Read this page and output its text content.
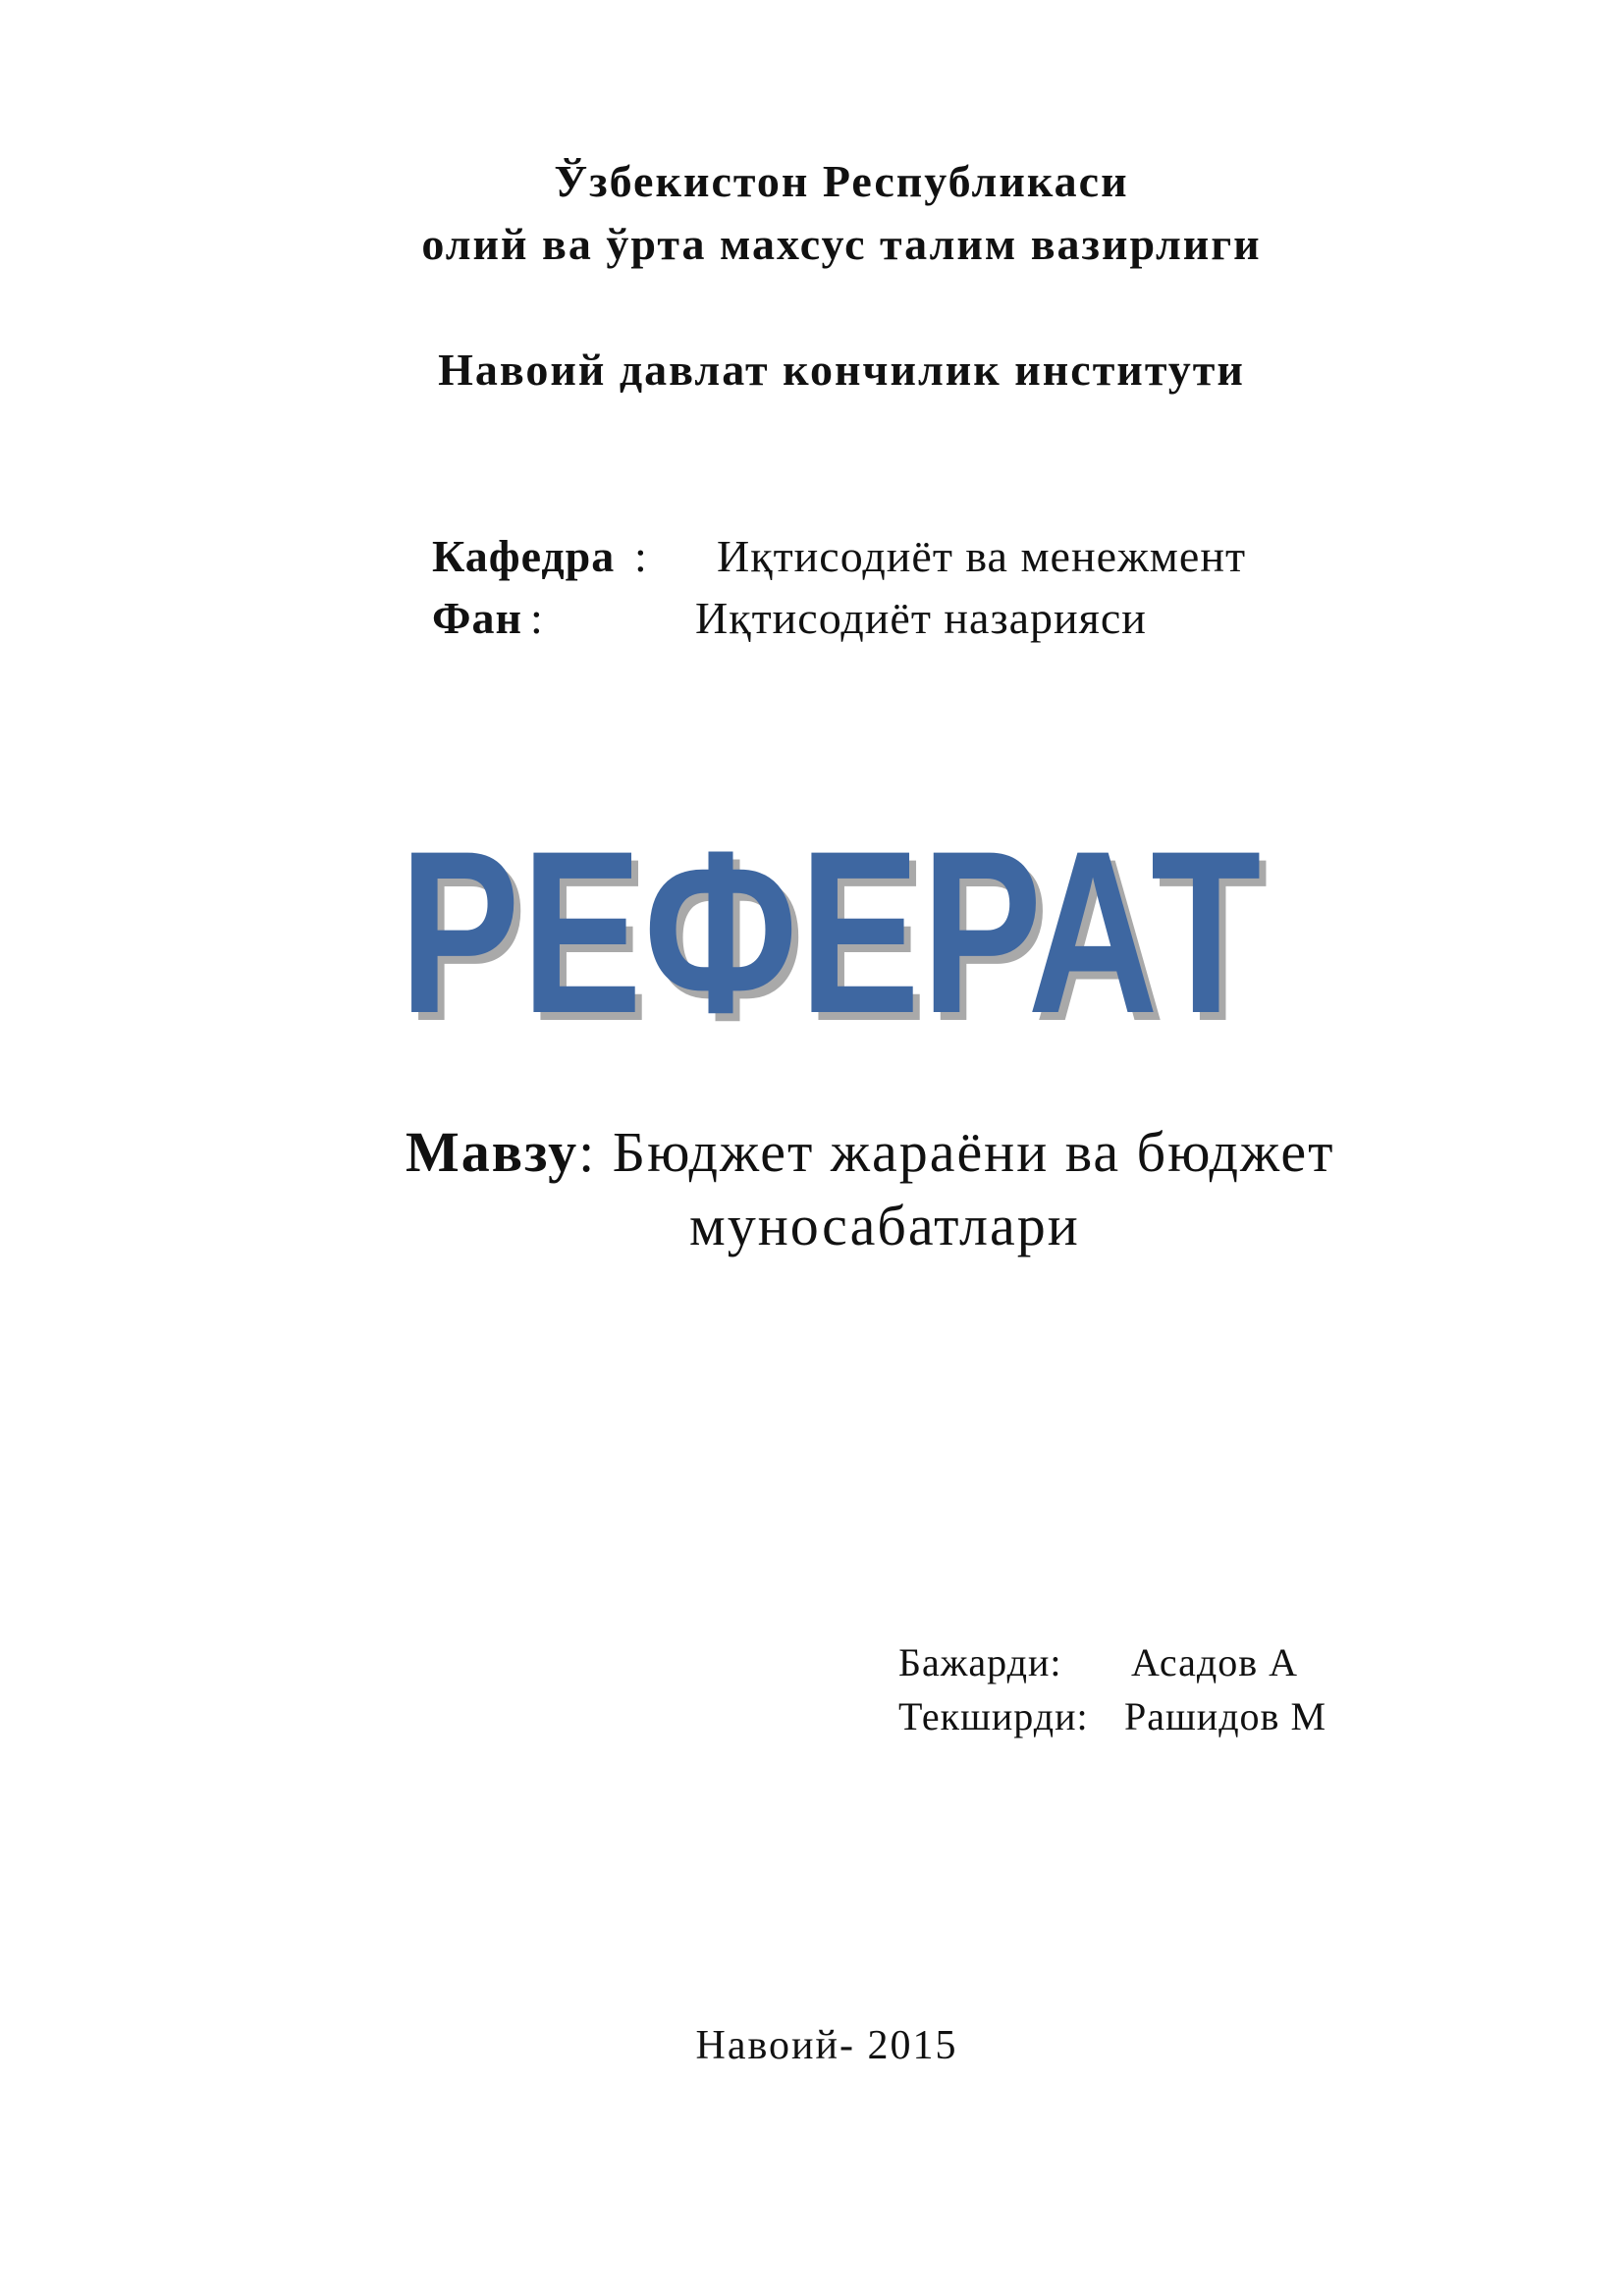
Ўзбекистон Республикаси
олий ва ўрта махсус талим вазирлиги
Навоий давлат кончилик институти
Кафедра : Иқтисодиёт ва менежмент
Фан :	Иқтисодиёт назарияси
РЕФЕРАТ
Мавзу: Бюджет жараёни ва бюджет
муносабатлари
Бажарди: Асадов А
Текширди: Рашидов М
Навоий- 2015
